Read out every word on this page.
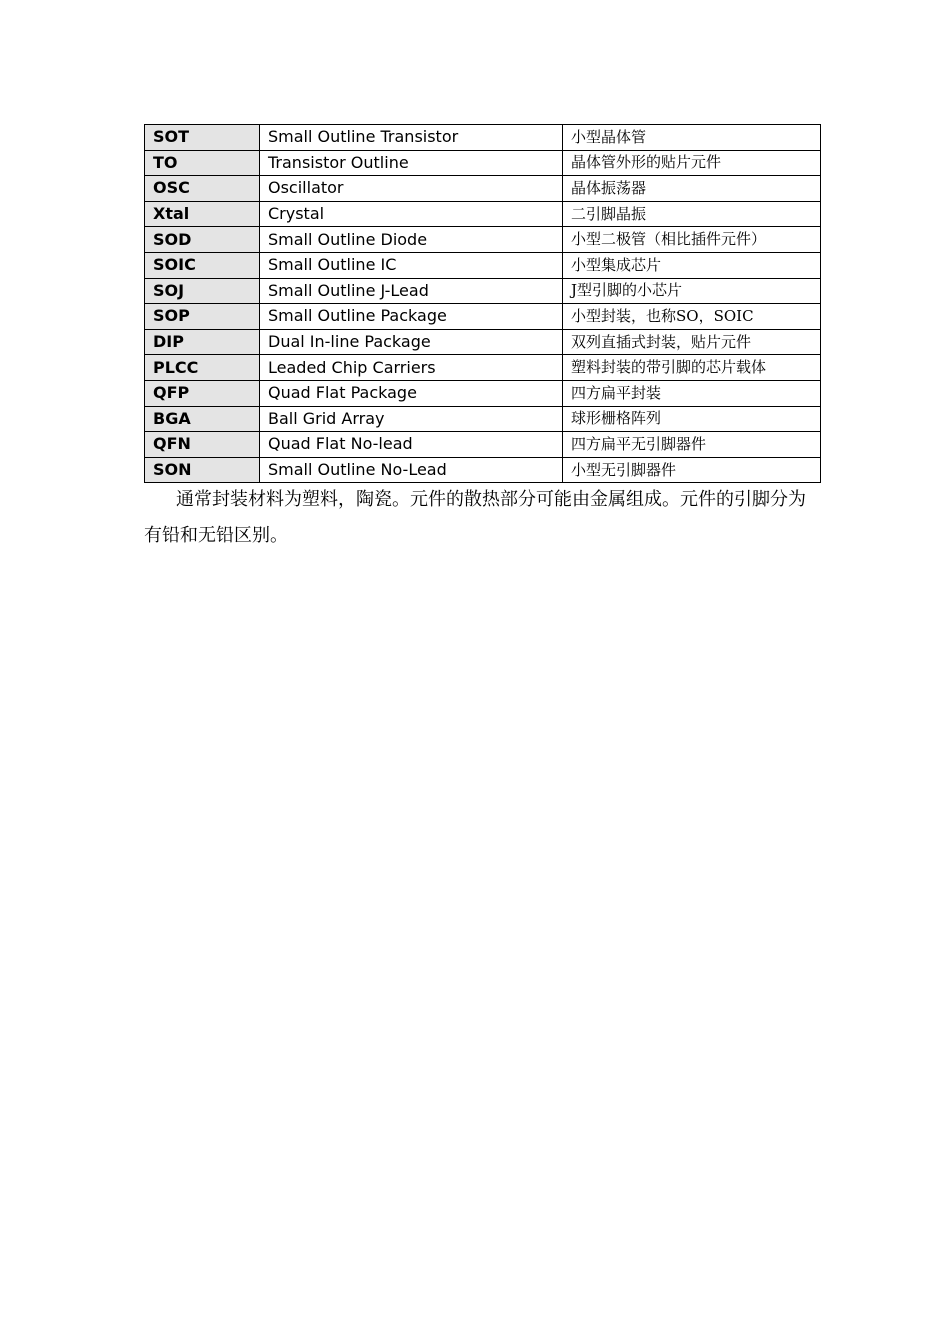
SOT	Small Outline Transistor	小型晶体管
TO	Transistor Outline	晶体管外形的贴片元件
OSC	Oscillator	晶体振荡器
Xtal	Crystal	二引脚晶振
SOD	Small Outline Diode	小型二极管（相比插件元件）
SOIC	Small Outline IC	小型集成芯片
SOJ	Small Outline J-Lead	J型引脚的小芯片
SOP	Small Outline Package	小型封装，也称SO，SOIC
DIP	Dual In-line Package	双列直插式封装，贴片元件
PLCC	Leaded Chip Carriers	塑料封装的带引脚的芯片载体
QFP	Quad Flat Package	四方扁平封装
BGA	Ball Grid Array	球形栅格阵列
QFN	Quad Flat No-lead	四方扁平无引脚器件
SON	Small Outline No-Lead	小型无引脚器件

通常封装材料为塑料，陶瓷。元件的散热部分可能由金属组成。元件的引脚分为有铅和无铅区别。
